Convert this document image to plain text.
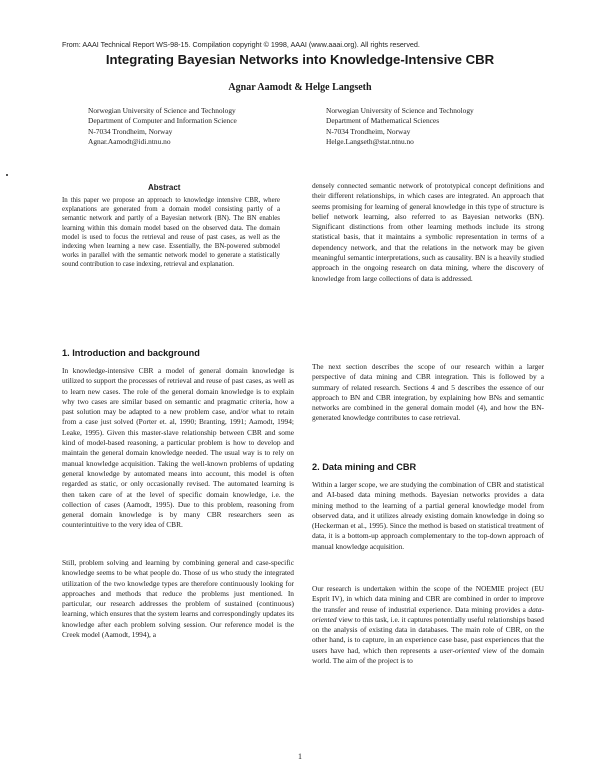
From: AAAI Technical Report WS-98-15. Compilation copyright © 1998, AAAI (www.aaai.org). All rights reserved.
Integrating Bayesian Networks into Knowledge-Intensive CBR
Agnar Aamodt & Helge Langseth
Norwegian University of Science and Technology
Department of Computer and Information Science
N-7034 Trondheim, Norway
Agnar.Aamodt@idi.ntnu.no
Norwegian University of Science and Technology
Department of Mathematical Sciences
N-7034 Trondheim, Norway
Helge.Langseth@stat.ntnu.no
Abstract
In this paper we propose an approach to knowledge intensive CBR, where explanations are generated from a domain model consisting partly of a semantic network and partly of a Bayesian network (BN). The BN enables learning within this domain model based on the observed data. The domain model is used to focus the retrieval and reuse of past cases, as well as the indexing when learning a new case. Essentially, the BN-powered submodel works in parallel with the semantic network model to generate a statistically sound contribution to case indexing, retrieval and explanation.
1. Introduction and background

In knowledge-intensive CBR a model of general domain knowledge is utilized to support the processes of retrieval and reuse of past cases, as well as to learn new cases. The role of the general domain knowledge is to explain why two cases are similar based on semantic and pragmatic criteria, how a past solution may be adapted to a new problem case, and/or what to retain from a case just solved (Porter et. al, 1990; Branting, 1991; Aamodt, 1994; Leake, 1995). Given this master-slave relationship between CBR and some kind of model-based reasoning, a particular problem is how to develop and maintain the general domain knowledge needed. The usual way is to rely on manual knowledge acquisition. Taking the well-known problems of updating general knowledge by automated means into account, this model is often regarded as static, or only occasionally revised. The automated learning is then taken care of at the level of specific domain knowledge, i.e. the collection of cases (Aamodt, 1995). Due to this problem, reasoning from general domain knowledge is by many CBR researchers seen as counterintuitive to the very idea of CBR.

Still, problem solving and learning by combining general and case-specific knowledge seems to be what people do. Those of us who study the integrated utilization of the two knowledge types are therefore continuously looking for approaches and methods that reduce the problems just mentioned. In particular, our research addresses the problem of sustained (continuous) learning, which ensures that the system learns and correspondingly updates its knowledge after each problem solving session. Our reference model is the Creek model (Aamodt, 1994), a

densely connected semantic network of prototypical concept definitions and their different relationships, in which cases are integrated. An approach that seems promising for learning of general knowledge in this type of structure is belief network learning, also referred to as Bayesian networks (BN). Significant distinctions from other learning methods include its strong statistical basis, that it maintains a symbolic representation in terms of a dependency network, and that the relations in the network may be given meaningful semantic interpretations, such as causality. BN is a heavily studied approach in the ongoing research on data mining, where the discovery of knowledge from large collections of data is addressed.

The next section describes the scope of our research within a larger perspective of data mining and CBR integration. This is followed by a summary of related research. Sections 4 and 5 describes the essence of our approach to BN and CBR integration, by explaining how BNs and semantic networks are combined in the general domain model (4), and how the BN-generated knowledge contributes to case retrieval.

2. Data mining and CBR

Within a larger scope, we are studying the combination of CBR and statistical and AI-based data mining methods. Bayesian networks provides a data mining method to the learning of a partial general knowledge model from observed data, and it utilizes already existing domain knowledge in doing so (Heckerman et al., 1995). Since the method is based on statistical treatment of data, it is a bottom-up approach complementary to the top-down approach of manual knowledge acquisition.

Our research is undertaken within the scope of the NOEMIE project (EU Esprit IV), in which data mining and CBR are combined in order to improve the transfer and reuse of industrial experience. Data mining provides a data-oriented view to this task, i.e. it captures potentially useful relationships based on the analysis of existing data in databases. The main role of CBR, on the other hand, is to capture, in an experience case base, past experiences that the users have had, which then represents a user-oriented view of the domain world. The aim of the project is to

1
